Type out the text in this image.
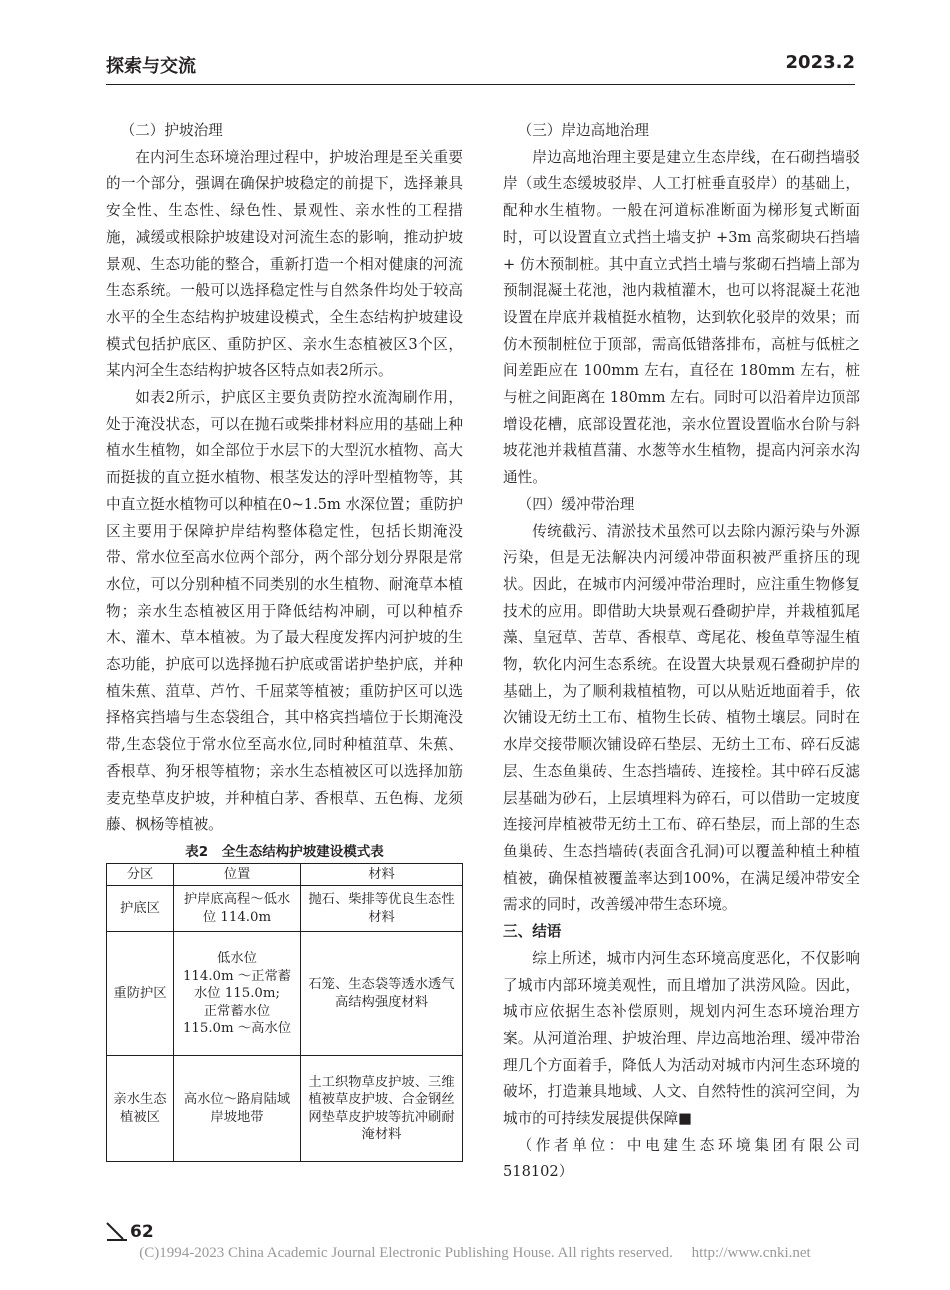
探索与交流	2023.2

（二）护坡治理

在内河生态环境治理过程中，护坡治理是至关重要的一个部分，强调在确保护坡稳定的前提下，选择兼具安全性、生态性、绿色性、景观性、亲水性的工程措施，减缓或根除护坡建设对河流生态的影响，推动护坡景观、生态功能的整合，重新打造一个相对健康的河流生态系统。一般可以选择稳定性与自然条件均处于较高水平的全生态结构护坡建设模式，全生态结构护坡建设模式包括护底区、重防护区、亲水生态植被区3个区，某内河全生态结构护坡各区特点如表2所示。

如表2所示，护底区主要负责防控水流淘刷作用，处于淹没状态，可以在抛石或柴排材料应用的基础上种植水生植物，如全部位于水层下的大型沉水植物、高大而挺拔的直立挺水植物、根茎发达的浮叶型植物等，其中直立挺水植物可以种植在0~1.5m 水深位置；重防护区主要用于保障护岸结构整体稳定性，包括长期淹没带、常水位至高水位两个部分，两个部分划分界限是常水位，可以分别种植不同类别的水生植物、耐淹草本植物；亲水生态植被区用于降低结构冲刷，可以种植乔木、灌木、草本植被。为了最大程度发挥内河护坡的生态功能，护底可以选择抛石护底或雷诺护垫护底，并种植朱蕉、菹草、芦竹、千屈菜等植被；重防护区可以选择格宾挡墙与生态袋组合，其中格宾挡墙位于长期淹没带,生态袋位于常水位至高水位,同时种植菹草、朱蕉、香根草、狗牙根等植物；亲水生态植被区可以选择加筋麦克垫草皮护坡，并种植白茅、香根草、五色梅、龙须藤、枫杨等植被。

表2　全生态结构护坡建设模式表
分区	位置	材料
护底区	护岸底高程～低水位 114.0m	抛石、柴排等优良生态性材料
重防护区	低水位
114.0m ～正常蓄水位 115.0m;
正常蓄水位
115.0m ～高水位	石笼、生态袋等透水透气高结构强度材料
亲水生态植被区	高水位～路肩陆域岸坡地带	土工织物草皮护坡、三维植被草皮护坡、合金钢丝网垫草皮护坡等抗冲刷耐淹材料

（三）岸边高地治理

岸边高地治理主要是建立生态岸线，在石砌挡墙驳岸（或生态缓坡驳岸、人工打桩垂直驳岸）的基础上，配种水生植物。一般在河道标准断面为梯形复式断面时，可以设置直立式挡土墙支护 +3m 高浆砌块石挡墙 + 仿木预制桩。其中直立式挡土墙与浆砌石挡墙上部为预制混凝土花池，池内栽植灌木，也可以将混凝土花池设置在岸底并栽植挺水植物，达到软化驳岸的效果；而仿木预制桩位于顶部，需高低错落排布，高桩与低桩之间差距应在 100mm 左右，直径在 180mm 左右，桩与桩之间距离在 180mm 左右。同时可以沿着岸边顶部增设花槽，底部设置花池，亲水位置设置临水台阶与斜坡花池并栽植菖蒲、水葱等水生植物，提高内河亲水沟通性。

（四）缓冲带治理

传统截污、清淤技术虽然可以去除内源污染与外源污染，但是无法解决内河缓冲带面积被严重挤压的现状。因此，在城市内河缓冲带治理时，应注重生物修复技术的应用。即借助大块景观石叠砌护岸，并栽植狐尾藻、皇冠草、苦草、香根草、鸢尾花、梭鱼草等湿生植物，软化内河生态系统。在设置大块景观石叠砌护岸的基础上，为了顺利栽植植物，可以从贴近地面着手，依次铺设无纺土工布、植物生长砖、植物土壤层。同时在水岸交接带顺次铺设碎石垫层、无纺土工布、碎石反滤层、生态鱼巢砖、生态挡墙砖、连接栓。其中碎石反滤层基础为砂石，上层填埋料为碎石，可以借助一定坡度连接河岸植被带无纺土工布、碎石垫层，而上部的生态鱼巢砖、生态挡墙砖(表面含孔洞)可以覆盖种植土种植植被，确保植被覆盖率达到100%，在满足缓冲带安全需求的同时，改善缓冲带生态环境。

三、结语

综上所述，城市内河生态环境高度恶化，不仅影响了城市内部环境美观性，而且增加了洪涝风险。因此，城市应依据生态补偿原则，规划内河生态环境治理方案。从河道治理、护坡治理、岸边高地治理、缓冲带治理几个方面着手，降低人为活动对城市内河生态环境的破坏，打造兼具地域、人文、自然特性的滨河空间，为城市的可持续发展提供保障■

（作者单位：中电建生态环境集团有限公司 518102）

62
(C)1994-2023 China Academic Journal Electronic Publishing House. All rights reserved.　 http://www.cnki.net
